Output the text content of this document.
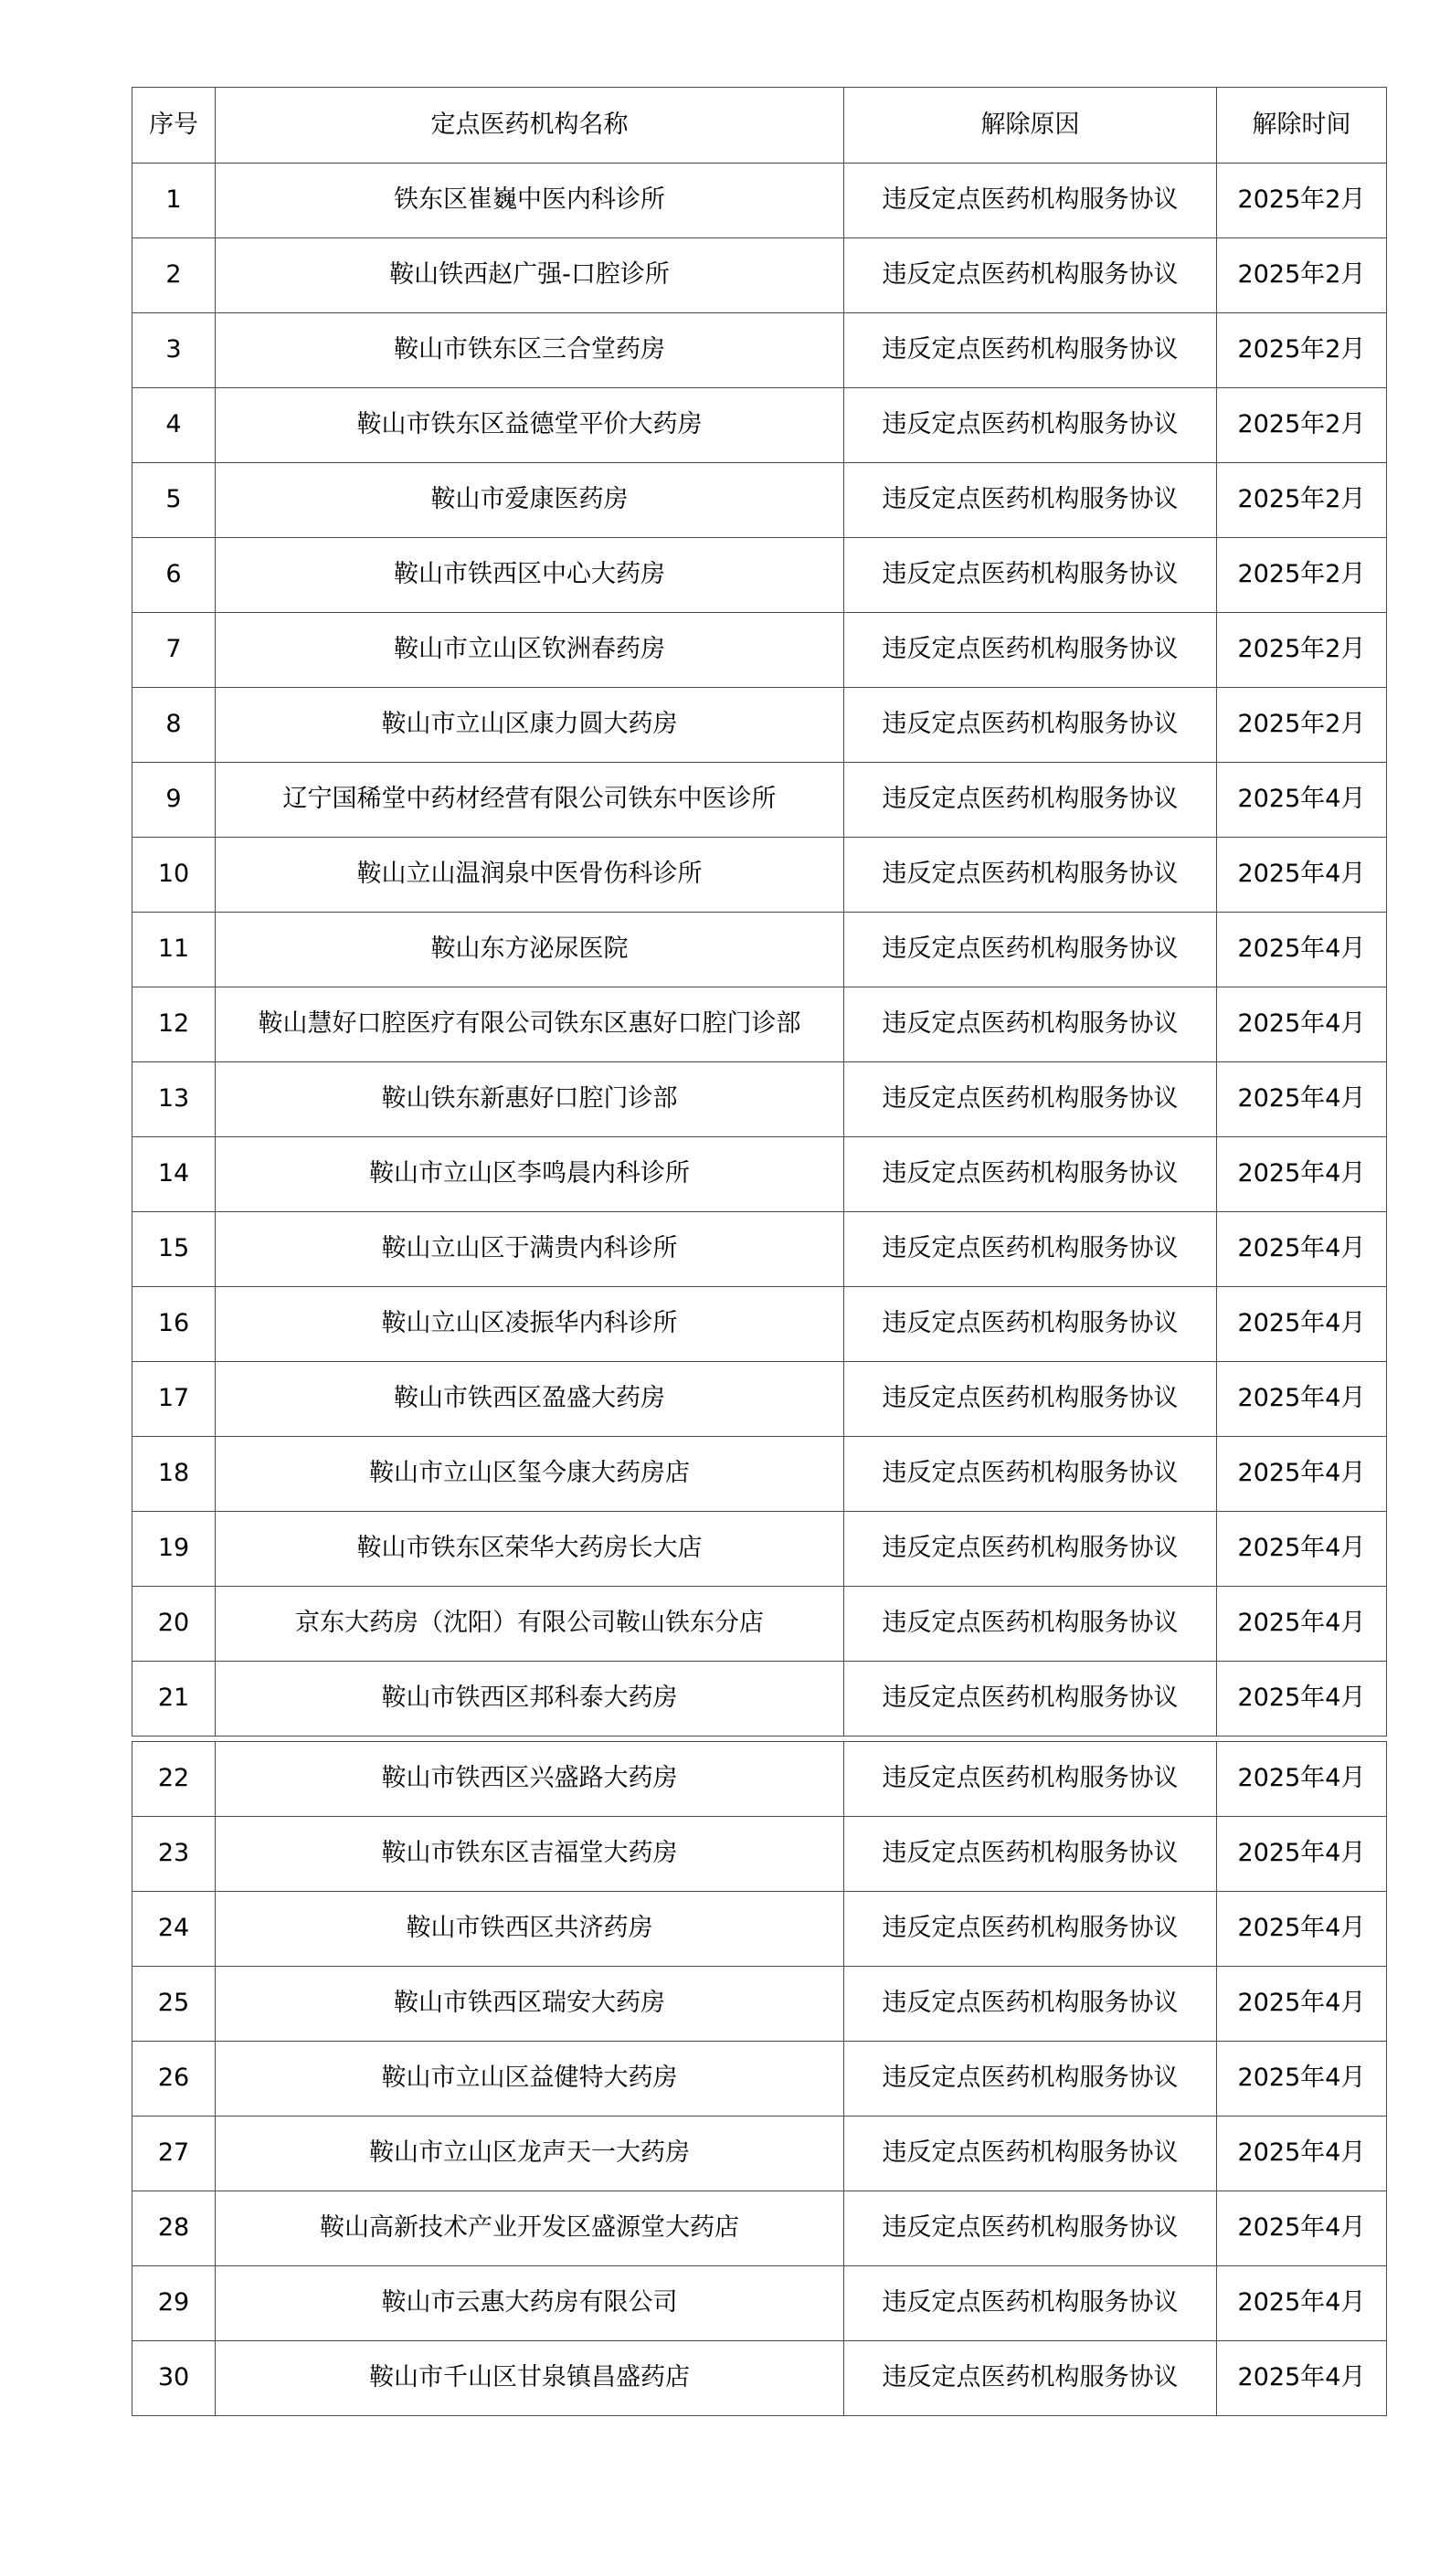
序号	定点医药机构名称	解除原因	解除时间
1	铁东区崔巍中医内科诊所	违反定点医药机构服务协议	2025年2月
2	鞍山铁西赵广强-口腔诊所	违反定点医药机构服务协议	2025年2月
3	鞍山市铁东区三合堂药房	违反定点医药机构服务协议	2025年2月
4	鞍山市铁东区益德堂平价大药房	违反定点医药机构服务协议	2025年2月
5	鞍山市爱康医药房	违反定点医药机构服务协议	2025年2月
6	鞍山市铁西区中心大药房	违反定点医药机构服务协议	2025年2月
7	鞍山市立山区钦洲春药房	违反定点医药机构服务协议	2025年2月
8	鞍山市立山区康力圆大药房	违反定点医药机构服务协议	2025年2月
9	辽宁国稀堂中药材经营有限公司铁东中医诊所	违反定点医药机构服务协议	2025年4月
10	鞍山立山温润泉中医骨伤科诊所	违反定点医药机构服务协议	2025年4月
11	鞍山东方泌尿医院	违反定点医药机构服务协议	2025年4月
12	鞍山慧好口腔医疗有限公司铁东区惠好口腔门诊部	违反定点医药机构服务协议	2025年4月
13	鞍山铁东新惠好口腔门诊部	违反定点医药机构服务协议	2025年4月
14	鞍山市立山区李鸣晨内科诊所	违反定点医药机构服务协议	2025年4月
15	鞍山立山区于满贵内科诊所	违反定点医药机构服务协议	2025年4月
16	鞍山立山区凌振华内科诊所	违反定点医药机构服务协议	2025年4月
17	鞍山市铁西区盈盛大药房	违反定点医药机构服务协议	2025年4月
18	鞍山市立山区玺今康大药房店	违反定点医药机构服务协议	2025年4月
19	鞍山市铁东区荣华大药房长大店	违反定点医药机构服务协议	2025年4月
20	京东大药房（沈阳）有限公司鞍山铁东分店	违反定点医药机构服务协议	2025年4月
21	鞍山市铁西区邦科泰大药房	违反定点医药机构服务协议	2025年4月
22	鞍山市铁西区兴盛路大药房	违反定点医药机构服务协议	2025年4月
23	鞍山市铁东区吉福堂大药房	违反定点医药机构服务协议	2025年4月
24	鞍山市铁西区共济药房	违反定点医药机构服务协议	2025年4月
25	鞍山市铁西区瑞安大药房	违反定点医药机构服务协议	2025年4月
26	鞍山市立山区益健特大药房	违反定点医药机构服务协议	2025年4月
27	鞍山市立山区龙声天一大药房	违反定点医药机构服务协议	2025年4月
28	鞍山高新技术产业开发区盛源堂大药店	违反定点医药机构服务协议	2025年4月
29	鞍山市云惠大药房有限公司	违反定点医药机构服务协议	2025年4月
30	鞍山市千山区甘泉镇昌盛药店	违反定点医药机构服务协议	2025年4月
